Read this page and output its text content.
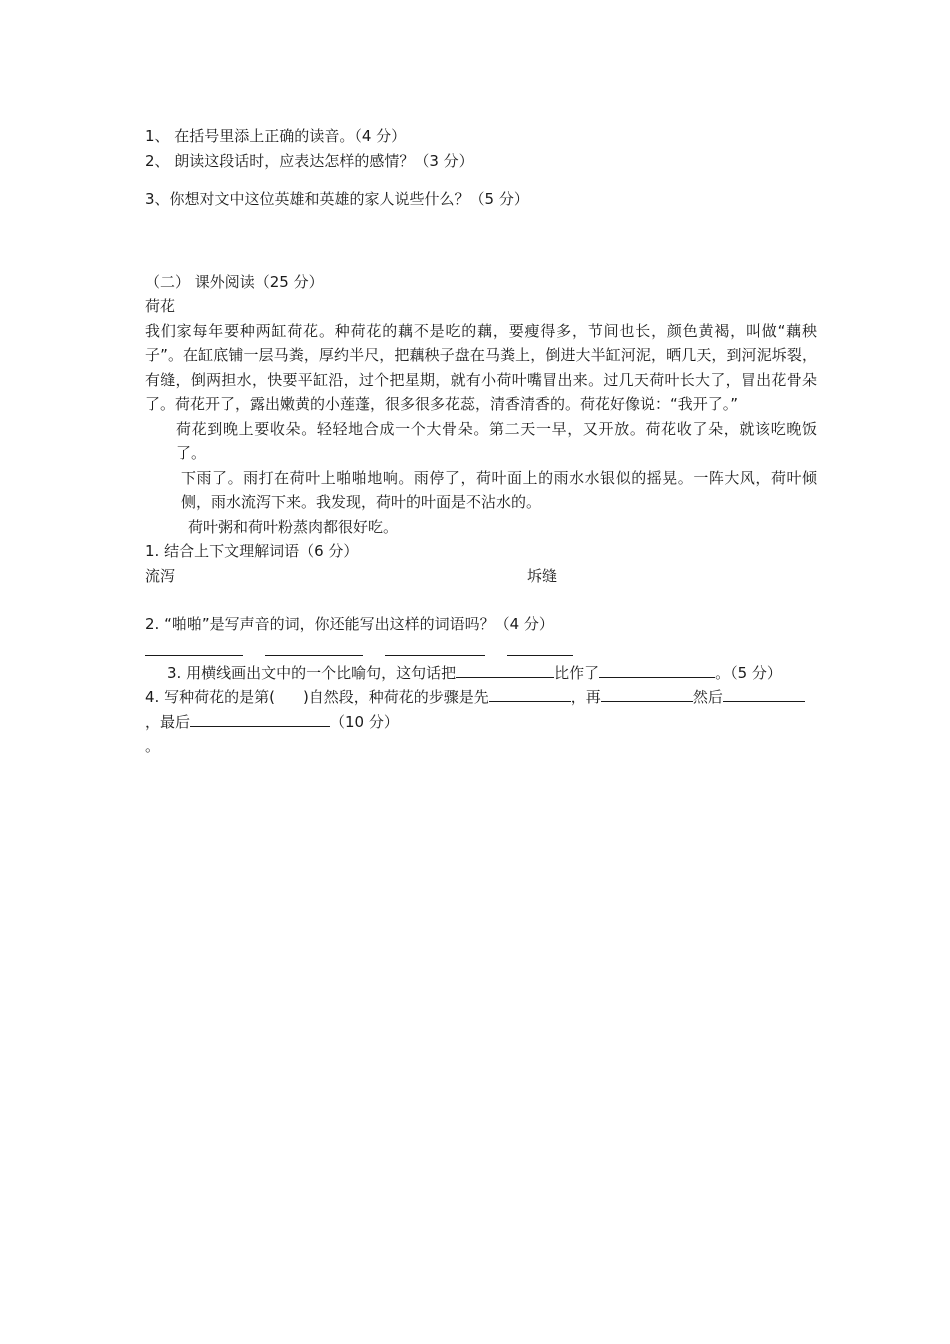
1、 在括号里添上正确的读音。（4 分）
2、 朗读这段话时，应表达怎样的感情？（3 分）
3、你想对文中这位英雄和英雄的家人说些什么？（5 分）
（二） 课外阅读（25 分）
荷花
我们家每年要种两缸荷花。种荷花的藕不是吃的藕，要瘦得多，节间也长，颜色黄褐，叫做“藕秧子”。在缸底铺一层马粪，厚约半尺，把藕秧子盘在马粪上，倒进大半缸河泥，晒几天，到河泥坼裂，有缝，倒两担水，快要平缸沿，过个把星期，就有小荷叶嘴冒出来。过几天荷叶长大了，冒出花骨朵了。荷花开了，露出嫩黄的小莲蓬，很多很多花蕊，清香清香的。荷花好像说：“我开了。”
荷花到晚上要收朵。轻轻地合成一个大骨朵。第二天一早，又开放。荷花收了朵，就该吃晚饭了。
下雨了。雨打在荷叶上啪啪地响。雨停了，荷叶面上的雨水水银似的摇晃。一阵大风，荷叶倾侧，雨水流泻下来。我发现，荷叶的叶面是不沾水的。
荷叶粥和荷叶粉蒸肉都很好吃。
1. 结合上下文理解词语（6 分）
流泻	坼缝
2. “啪啪”是写声音的词，你还能写出这样的词语吗？（4 分）
3. 用横线画出文中的一个比喻句，这句话把	比作了	。（5 分）
4. 写种荷花的是第( )自然段，种荷花的步骤是先	，再	然后，最后	（10 分）
。
